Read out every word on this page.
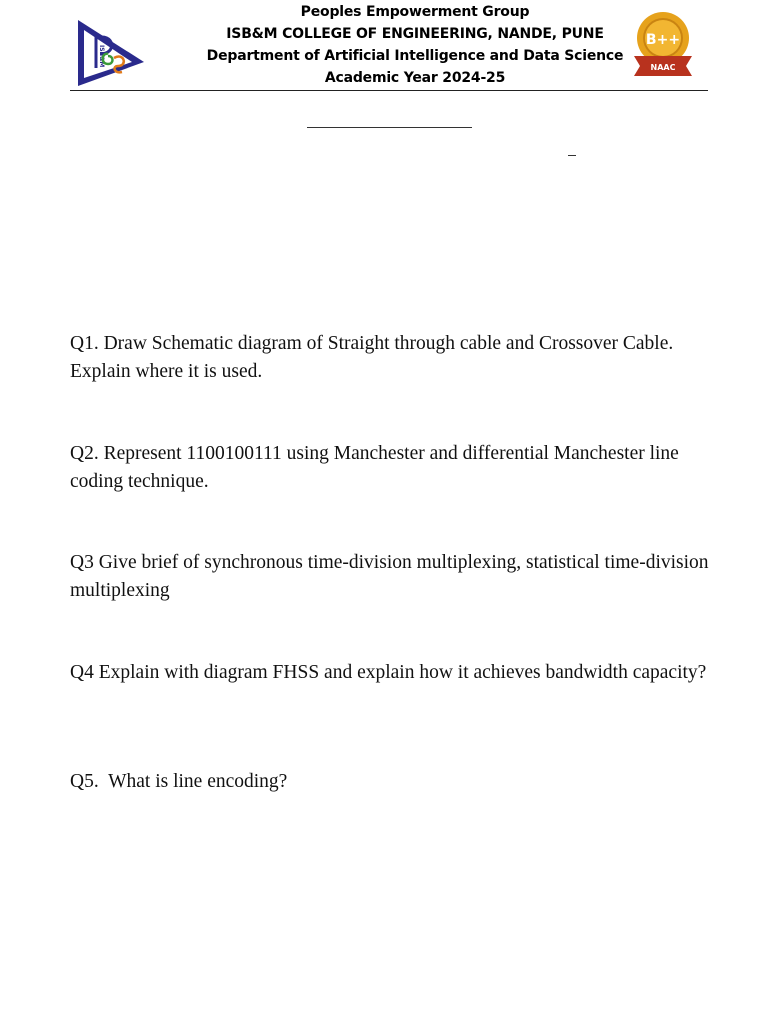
ISB&M
Peoples Empowerment Group
ISB&M COLLEGE OF ENGINEERING, NANDE, PUNE
Department of Artificial Intelligence and Data Science
Academic Year 2024-25
B++
NAAC

Q1. Draw Schematic diagram of Straight through cable and Crossover Cable. Explain where it is used.

Q2. Represent 1100100111 using Manchester and differential Manchester line coding technique.

Q3 Give brief of synchronous time-division multiplexing, statistical time-division multiplexing

Q4 Explain with diagram FHSS and explain how it achieves bandwidth capacity?

Q5.  What is line encoding?
